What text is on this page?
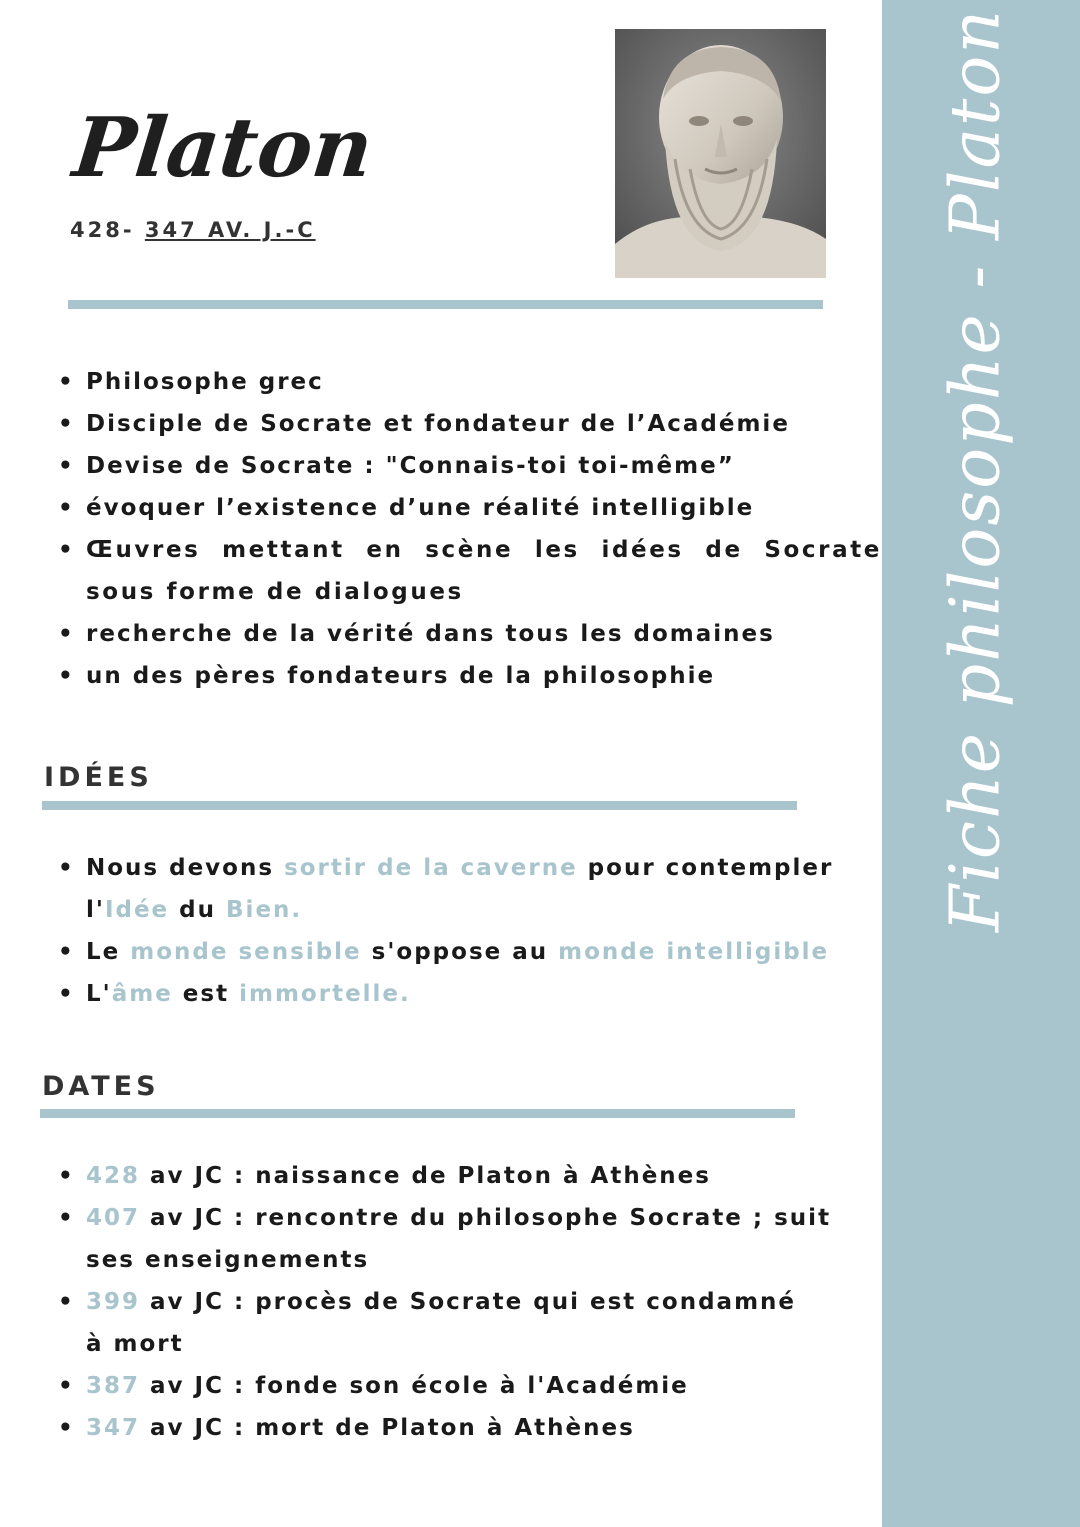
Fiche philosophe - Platon
Platon
428- 347 AV. J.-C
• Philosophe grec
• Disciple de Socrate et fondateur de l’Académie
• Devise de Socrate : "Connais-toi toi-même”
• évoquer l’existence d’une réalité intelligible
• Œuvres mettant en scène les idées de Socrate sous forme de dialogues
• recherche de la vérité dans tous les domaines
• un des pères fondateurs de la philosophie
IDÉES
• Nous devons sortir de la caverne pour contempler l'Idée du Bien.
• Le monde sensible s'oppose au monde intelligible
• L'âme est immortelle.
DATES
• 428 av JC : naissance de Platon à Athènes
• 407 av JC : rencontre du philosophe Socrate ; suit ses enseignements
• 399 av JC : procès de Socrate qui est condamné à mort
• 387 av JC : fonde son école à l'Académie
• 347 av JC : mort de Platon à Athènes
